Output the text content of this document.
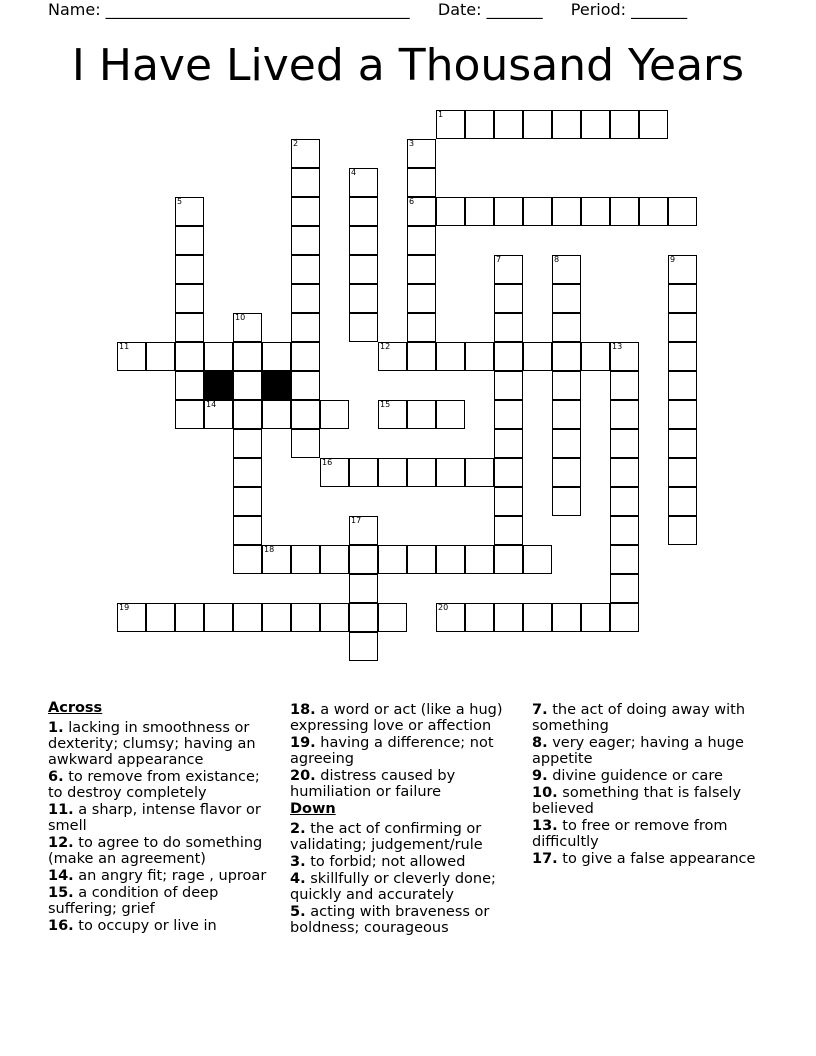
Name: ______________________________________ Date: _______ Period: _______
I Have Lived a Thousand Years
1
2	3
6
4
5
7	8	9
10
11	12	13
14	15
16
17
18
19	20
Across
1. lacking in smoothness or dexterity; clumsy; having an awkward appearance
6. to remove from existance; to destroy completely
11. a sharp, intense flavor or smell
12. to agree to do something (make an agreement)
14. an angry fit; rage , uproar
15. a condition of deep suffering; grief
16. to occupy or live in
18. a word or act (like a hug) expressing love or affection
19. having a difference; not agreeing
20. distress caused by humiliation or failure
Down
2. the act of confirming or validating; judgement/rule
3. to forbid; not allowed
4. skillfully or cleverly done; quickly and accurately
5. acting with braveness or boldness; courageous
7. the act of doing away with something
8. very eager; having a huge appetite
9. divine guidence or care
10. something that is falsely believed
13. to free or remove from difficultly
17. to give a false appearance
